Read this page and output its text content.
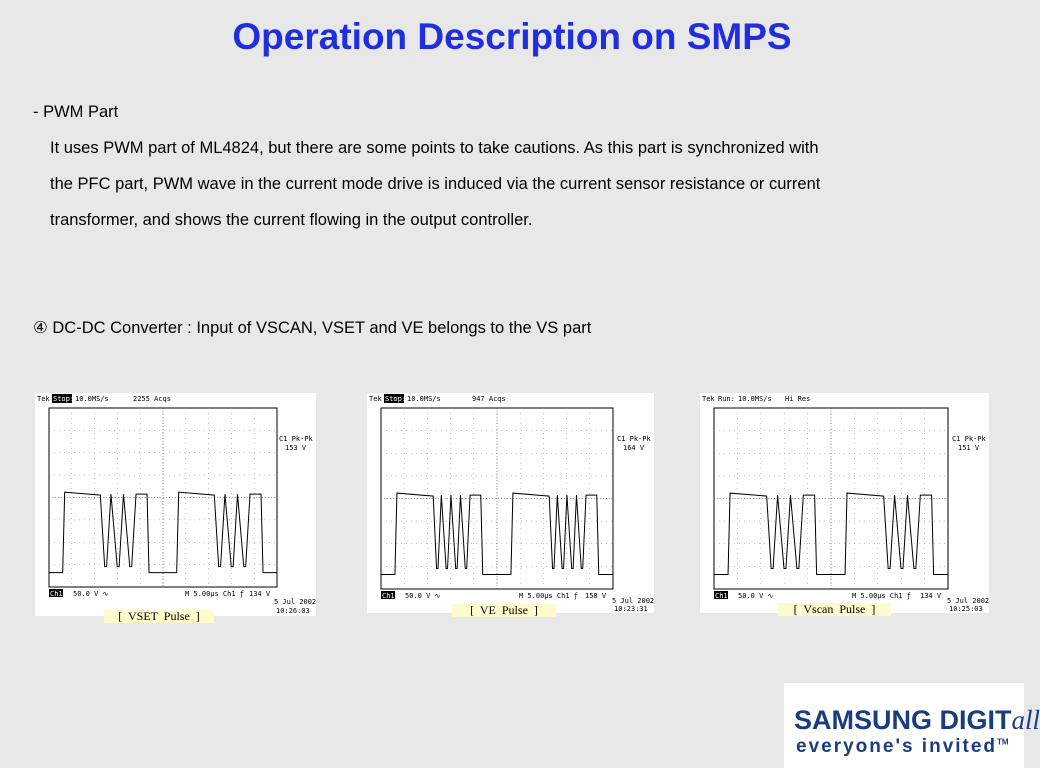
Operation Description on SMPS
- PWM Part
It uses PWM part of ML4824, but there are some points to take cautions. As this part is synchronized with
the PFC part, PWM wave in the current mode drive is induced via the current sensor resistance or current
transformer, and shows the current flowing in the output controller.
④ DC-DC Converter : Input of VSCAN, VSET and VE belongs to the VS part
Tek Stop: 10.0MS/s	2255 Acqs
C1 Pk-Pk
153 V
Ch1 50.0 V ∿	M 5.00µs Ch1 ƒ 134 V
5 Jul 2002
10:26:03
[  VSET  Pulse  ]
Tek Stop: 10.0MS/s	947 Acqs
C1 Pk-Pk
164 V
Ch1 50.0 V ∿	M 5.00µs Ch1 ƒ 158 V
5 Jul 2002
10:23:31
[  VE  Pulse  ]
Tek Run: 10.0MS/s Hi Res
C1 Pk-Pk
151 V
Ch1 50.0 V ∿	M 5.00µs Ch1 ƒ 134 V
5 Jul 2002
10:25:03
[  Vscan  Pulse  ]
SAMSUNG DIGITall
everyone's invited™
